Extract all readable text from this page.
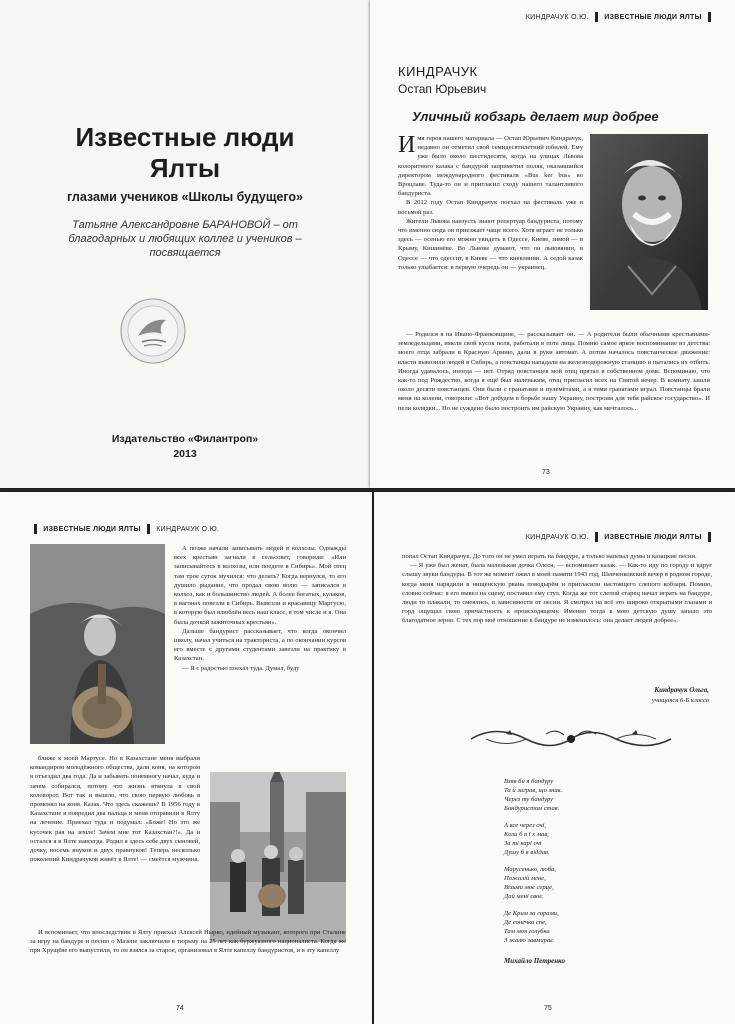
Известные люди
Ялты
глазами учеников «Школы будущего»
Татьяне Александровне БАРАНОВОЙ – от благодарных и любящих коллег и учеников – посвящается
Издательство «Филантроп»
2013
КИНДРАЧУК О.Ю. ИЗВЕСТНЫЕ ЛЮДИ ЯЛТЫ
КИНДРАЧУК
Остап Юрьевич
Уличный кобзарь делает мир добрее

Имя героя нашего материала — Остап Юрьевич Киндрачук, недавно он отметил свой семидесятилетний юбилей. Ему уже было около шестидесяти, когда на улицах Львова колоритного казака с бандурой заприметил поляк, оказавшийся директором международного фестиваля «Bus ker bus» во Вроцлаве. Туда-то он и пригласил сходу нашего талантливого бандуриста.

В 2012 году Остап Киндрачук поехал на фестиваль уже в восьмой раз.

Жители Львова наизусть знают репертуар бандуриста, потому что именно сюда он приезжает чаще всего. Хотя играет не только здесь — осенью его можно увидеть в Одессе, Киеве, зимой — в Крыму, Кишинёве. Во Львове думают, что он львовянин, в Одессе — что одессит, в Киеве — что киевлянин. А седой казак только улыбается: в первую очередь он — украинец.

— Родился я на Ивано-Франковщине, — рассказывает он. — А родители были обычными крестьянами-земледельцами, имели свой кусок поля, работали в поте лица. Помню самое яркое воспоминание из детства: моего отца забрали в Красную Армию, дали в руки автомат. А потом началось повстанческое движение: власти вывозили людей в Сибирь, а повстанцы нападали на железнодорожную станцию и пытались их отбить. Иногда удавалось, иногда — нет. Отряд повстанцев мой отец прятал в собственном доме. Вспоминаю, что как-то под Рождество, когда я ещё был маленьким, отец пригласил всех на Святой вечер. В комнату зашли около десяти повстанцев. Они были с гранатами и пулемётами, а я теми гранатами играл. Повстанцы брали меня на колени, говорили: «Вот добудем в борьбе нашу Украину, построим для тебя райское государство». И пели колядки... Но не суждено было построить им райскую Украину, как мечталось...

73
ИЗВЕСТНЫЕ ЛЮДИ ЯЛТЫ КИНДРАЧУК О.Ю.

А позже начали записывать людей в колхозы. Однажды всех крестьян загнали в сельсовет, говорили: «Или записывайтесь в колхозы, или поедете в Сибирь». Мой отец там трое суток мучился: что делать? Когда вернулся, то его душило рыдание, что продал свою волю — записался в колхоз, как и большинство людей. А более богатых, кулаков, в вагонах повезли в Сибирь. Вывезли и красавицу Мартусю, в которую был влюблён весь наш класс, в том числе и я. Она была дочкой зажиточных крестьян».

Дальше бандурист рассказывает, что когда окончил школу, начал учиться на тракториста, а по окончании курсов его вместе с другими студентами завезли на практику в Казахстан.

— Я с радостью поехал туда. Думал, буду

ближе к моей Мартусе. Но в Казахстане меня выбрали командиром молодёжного общества, дали коня, на котором я отъездил два года. Да и забывать понемногу начал, куда и зачем собирался, потому что жизнь втянула в свой коловорот. Вот так и вышло, что свою первую любовь я променял на коня. Казак. Что здесь скажешь? В 1956 году в Казахстане я повредил два пальца и меня отправили в Ялту на лечение. Приехал туда и подумал: «Боже! Но это же кусочек рая на земле! Зачем мне тот Казахстан?!». Да и остался я в Ялте навсегда. Родил я здесь себе двух сыновей, дочку, восемь внуков и двух правнуков! Теперь несколько поколений Киндрачуков живёт в Ялте! — смеётся мужчина.

И вспоминает, что впоследствии в Ялту приехал Алексей Нырко, идейный музыкант, которого при Сталине за игру на бандуре и песню о Мазепе заключили в тюрьму на 25 лет как буржуазного националиста. Когда же при Хрущёве его выпустили, то он взялся за старое, организовал в Ялте капеллу бандуристов, и в эту капеллу

74
КИНДРАЧУК О.Ю. ИЗВЕСТНЫЕ ЛЮДИ ЯЛТЫ

попал Остап Киндрачук. До того он не умел играть на бандуре, а только напевал думы и казацкие песни.

— Я уже был женат, была маленькая дочка Олеся, — вспоминает казак. — Как-то иду по городу и вдруг слышу звуки бандуры. В тот же момент ожил в моей памяти 1943 год, Шевченковский вечер в родном городе, когда меня нарядили в нищенскую рвань поводырём и пригласили настоящего слепого кобзаря. Помню, словно сейчас: я его вывел на сцену, поставил ему стул. Когда же тот слепой старец начал играть на бандуре, люди то плакали, то смеялись, в зависимости от песни. Я смотрел на всё это широко открытыми глазами и горд ощущал свою причастность к происходящему. Именно тогда в мою детскую душу запало это благодатное зерно. С тех пор моё отношение к бандуре не изменилось: она делает людей добрее».

Киндрачук Ольга,
учащаяся 6-Б класса
Взяв би я бандуру
Та й заграв, що знав.
Через ту бандуру
Бандуристом став.
А все через очі,
Коли б я ї х мав,
За ті карі очі
Душу б я віддав.
Марусенько, люба,
Пожалій мене,
Візьми моє серце,
Дай мені своє.
Де Крим за горами,
Де сонечко спе,
Там моя голубка
З жалю завмирає.
Михайло Петренко
75
